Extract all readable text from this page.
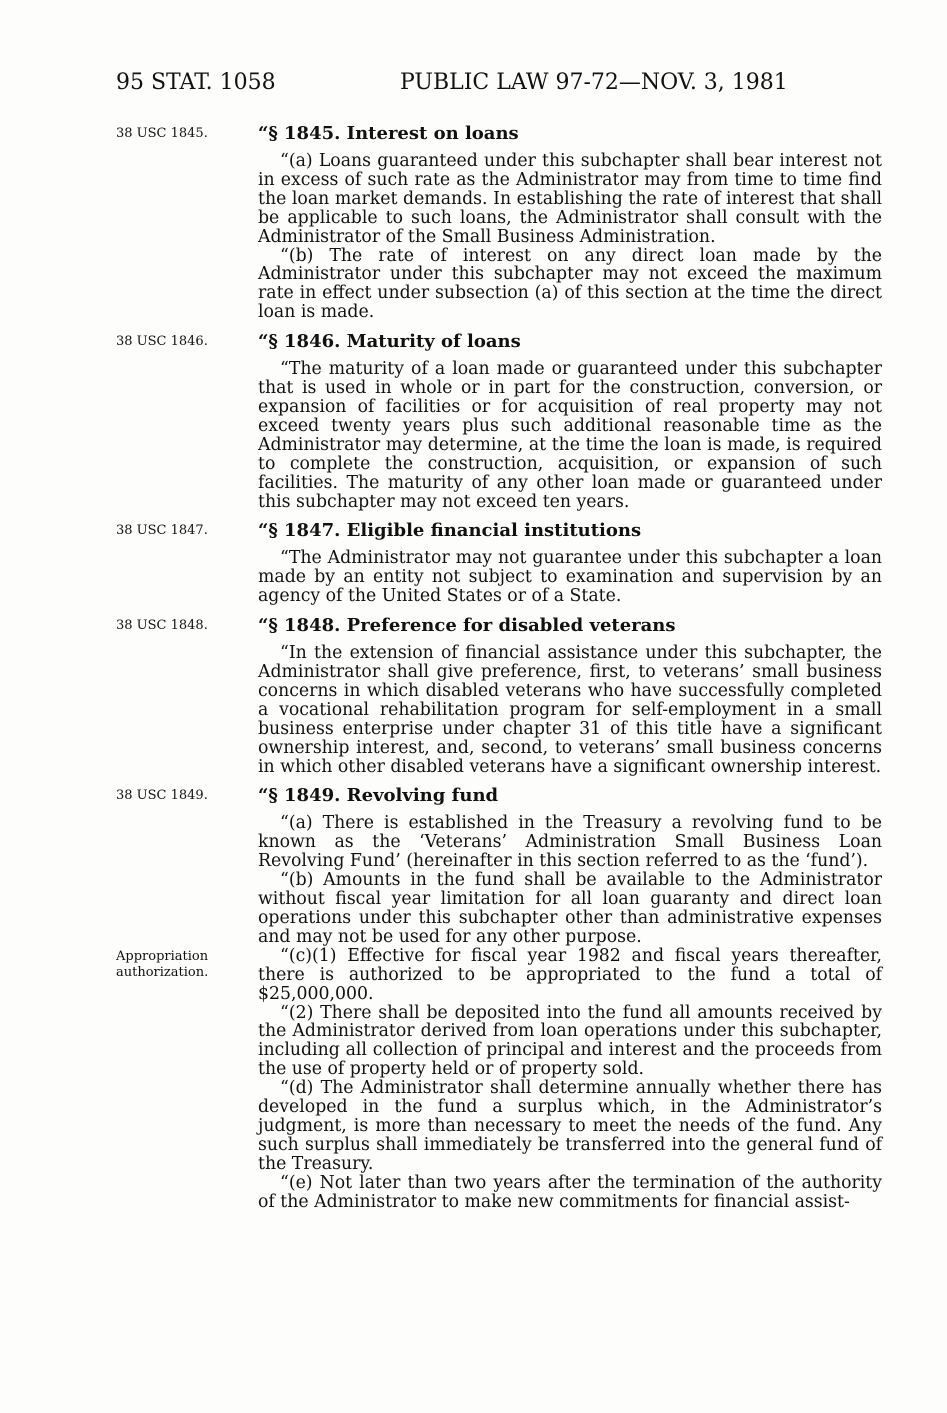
95 STAT. 1058	PUBLIC LAW 97-72—NOV. 3, 1981
38 USC 1845.	“§ 1845. Interest on loans

“(a) Loans guaranteed under this subchapter shall bear interest not in excess of such rate as the Administrator may from time to time find the loan market demands. In establishing the rate of interest that shall be applicable to such loans, the Administrator shall consult with the Administrator of the Small Business Administration.

“(b) The rate of interest on any direct loan made by the Administrator under this subchapter may not exceed the maximum rate in effect under subsection (a) of this section at the time the direct loan is made.

38 USC 1846.	“§ 1846. Maturity of loans

“The maturity of a loan made or guaranteed under this subchapter that is used in whole or in part for the construction, conversion, or expansion of facilities or for acquisition of real property may not exceed twenty years plus such additional reasonable time as the Administrator may determine, at the time the loan is made, is required to complete the construction, acquisition, or expansion of such facilities. The maturity of any other loan made or guaranteed under this subchapter may not exceed ten years.

38 USC 1847.	“§ 1847. Eligible financial institutions

“The Administrator may not guarantee under this subchapter a loan made by an entity not subject to examination and supervision by an agency of the United States or of a State.

38 USC 1848.	“§ 1848. Preference for disabled veterans

“In the extension of financial assistance under this subchapter, the Administrator shall give preference, first, to veterans’ small business concerns in which disabled veterans who have successfully completed a vocational rehabilitation program for self-employment in a small business enterprise under chapter 31 of this title have a significant ownership interest, and, second, to veterans’ small business concerns in which other disabled veterans have a significant ownership interest.

38 USC 1849.	“§ 1849. Revolving fund

“(a) There is established in the Treasury a revolving fund to be known as the ‘Veterans’ Administration Small Business Loan Revolving Fund’ (hereinafter in this section referred to as the ‘fund’).

“(b) Amounts in the fund shall be available to the Administrator without fiscal year limitation for all loan guaranty and direct loan operations under this subchapter other than administrative expenses and may not be used for any other purpose.

Appropriation authorization.

“(c)(1) Effective for fiscal year 1982 and fiscal years thereafter, there is authorized to be appropriated to the fund a total of $25,000,000.

“(2) There shall be deposited into the fund all amounts received by the Administrator derived from loan operations under this subchapter, including all collection of principal and interest and the proceeds from the use of property held or of property sold.

“(d) The Administrator shall determine annually whether there has developed in the fund a surplus which, in the Administrator’s judgment, is more than necessary to meet the needs of the fund. Any such surplus shall immediately be transferred into the general fund of the Treasury.

“(e) Not later than two years after the termination of the authority of the Administrator to make new commitments for financial assist-
